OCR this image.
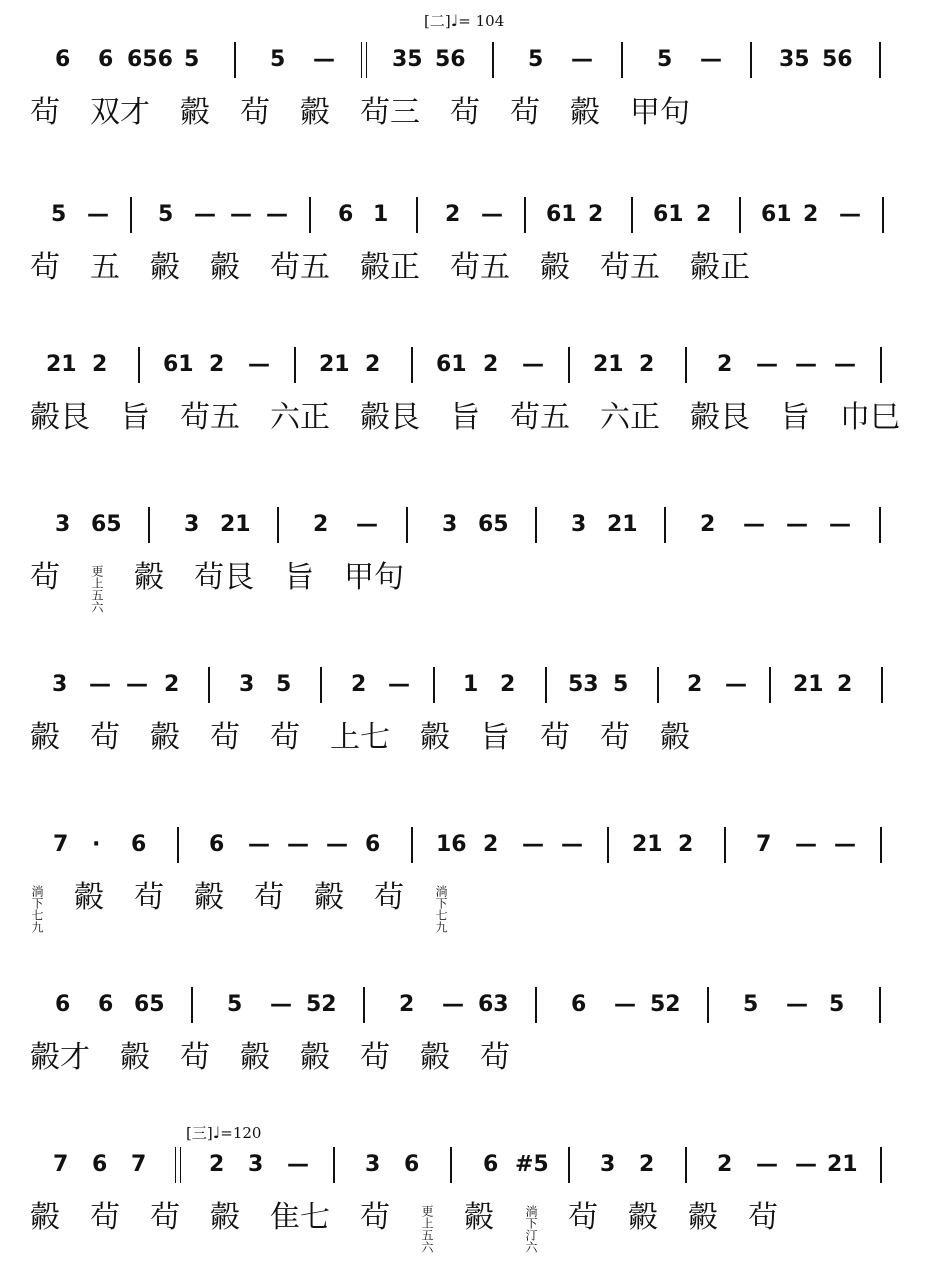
[二]♩= 104
[三]♩=120
6 6 656 5	5 —	35 56	5 —	5 —	35 56
茍 双才 㲉 茍 㲉 茍三 茍 茍 㲉 甲句
5 — 5 — — — 6 1	2 — 61 2 61 2 61 2 —
茍 五 㲉 㲉 茍五 㲉正 茍五 㲉 茍五 㲉正
21 2	61 2 — 21 2	61 2 — 21 2	2 — — —
㲉艮 旨 茍五 六正 㲉艮 旨 茍五 六正 㲉艮 旨 巾巳
3 65	3 21	2 —	3 65	3 21	2 — — —
茍	更上五六 㲉 茍艮 旨 甲句
3 — — 2	3 5	2 — 1 2 53 5	2 — 21 2
㲉 茍 㲉 茍 茍 上七 㲉 旨 茍 茍 㲉
7 · 6	6 — — — 6	16 2 — — 21 2	7 — —
淌下七九 㲉 茍 㲉 茍 㲉 茍	淌下七九
6 6 65	5 — 52	2 — 63	6 — 52	5 — 5
㲉才 㲉 茍 㲉 㲉 茍 㲉 茍
7 6 7	2 3 —	3 6	6 #5 3 2	2 — — 21
㲉 茍 茍 㲉 隹七 茍	更上五六 㲉	淌下汀六 茍 㲉 㲉 茍
